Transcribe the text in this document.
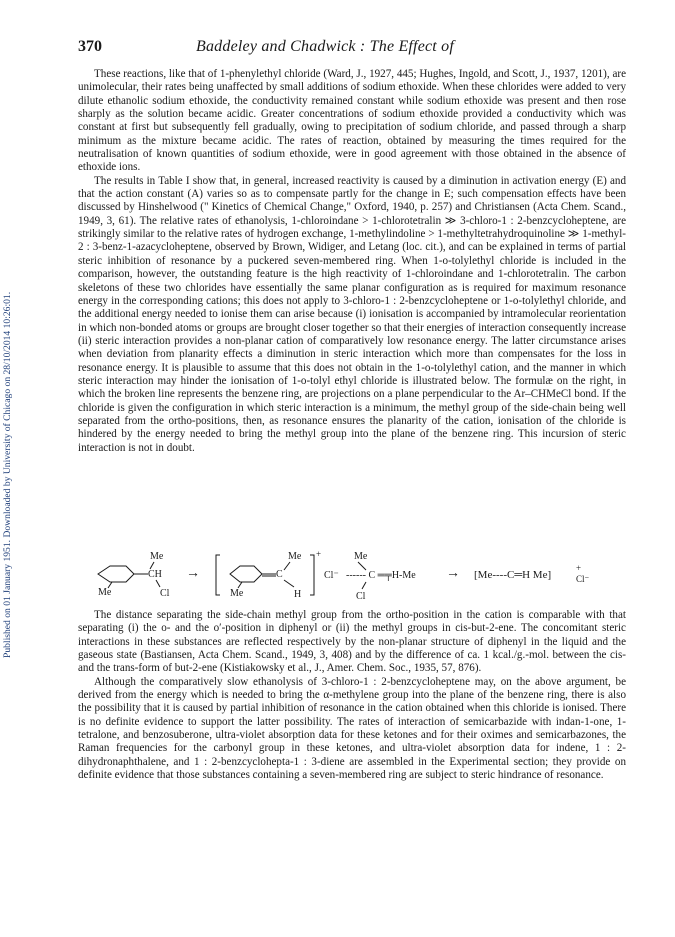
Published on 01 January 1951. Downloaded by University of Chicago on 28/10/2014 10:26:01.
370	Baddeley and Chadwick : The Effect of

These reactions, like that of 1-phenylethyl chloride (Ward, J., 1927, 445; Hughes, Ingold, and Scott, J., 1937, 1201), are unimolecular, their rates being unaffected by small additions of sodium ethoxide. When these chlorides were added to very dilute ethanolic sodium ethoxide, the conductivity remained constant while sodium ethoxide was present and then rose sharply as the solution became acidic. Greater concentrations of sodium ethoxide provided a conductivity which was constant at first but subsequently fell gradually, owing to precipitation of sodium chloride, and passed through a sharp minimum as the mixture became acidic. The rates of reaction, obtained by measuring the times required for the neutralisation of known quantities of sodium ethoxide, were in good agreement with those obtained in the absence of ethoxide ions.

The results in Table I show that, in general, increased reactivity is caused by a diminution in activation energy (E) and that the action constant (A) varies so as to compensate partly for the change in E; such compensation effects have been discussed by Hinshelwood (" Kinetics of Chemical Change," Oxford, 1940, p. 257) and Christiansen (Acta Chem. Scand., 1949, 3, 61). The relative rates of ethanolysis, 1-chloroindane > 1-chlorotetralin ≫ 3-chloro-1 : 2-benzcycloheptene, are strikingly similar to the relative rates of hydrogen exchange, 1-methylindoline > 1-methyltetrahydroquinoline ≫ 1-methyl-2 : 3-benz-1-azacycloheptene, observed by Brown, Widiger, and Letang (loc. cit.), and can be explained in terms of partial steric inhibition of resonance by a puckered seven-membered ring. When 1-o-tolylethyl chloride is included in the comparison, however, the outstanding feature is the high reactivity of 1-chloroindane and 1-chlorotetralin. The carbon skeletons of these two chlorides have essentially the same planar configuration as is required for maximum resonance energy in the corresponding cations; this does not apply to 3-chloro-1 : 2-benzcycloheptene or 1-o-tolylethyl chloride, and the additional energy needed to ionise them can arise because (i) ionisation is accompanied by intramolecular reorientation in which non-bonded atoms or groups are brought closer together so that their energies of interaction consequently increase (ii) steric interaction provides a non-planar cation of comparatively low resonance energy. The latter circumstance arises when deviation from planarity effects a diminution in steric interaction which more than compensates for the loss in resonance energy. It is plausible to assume that this does not obtain in the 1-o-tolylethyl cation, and the manner in which steric interaction may hinder the ionisation of 1-o-tolyl ethyl chloride is illustrated below. The formulæ on the right, in which the broken line represents the benzene ring, are projections on a plane perpendicular to the Ar–CHMeCl bond. If the chloride is given the configuration in which steric interaction is a minimum, the methyl group of the side-chain being well separated from the ortho-positions, then, as resonance ensures the planarity of the cation, ionisation of the chloride is hindered by the energy needed to bring the methyl group into the plane of the benzene ring. This incursion of steric interaction is not in doubt.

Me
CH
Cl
Me
→	C
Me
H
Me
+
Cl⁻
Me
------ C ═╤H-Me
Cl
→ [Me----C═H Me]
+
Cl⁻

The distance separating the side-chain methyl group from the ortho-position in the cation is comparable with that separating (i) the o- and the o′-position in diphenyl or (ii) the methyl groups in cis-but-2-ene. The concomitant steric interactions in these substances are reflected respectively by the non-planar structure of diphenyl in the liquid and the gaseous state (Bastiansen, Acta Chem. Scand., 1949, 3, 408) and by the difference of ca. 1 kcal./g.-mol. between the cis- and the trans-form of but-2-ene (Kistiakowsky et al., J., Amer. Chem. Soc., 1935, 57, 876).

Although the comparatively slow ethanolysis of 3-chloro-1 : 2-benzcycloheptene may, on the above argument, be derived from the energy which is needed to bring the α-methylene group into the plane of the benzene ring, there is also the possibility that it is caused by partial inhibition of resonance in the cation obtained when this chloride is ionised. There is no definite evidence to support the latter possibility. The rates of interaction of semicarbazide with indan-1-one, 1-tetralone, and benzosuberone, ultra-violet absorption data for these ketones and for their oximes and semicarbazones, the Raman frequencies for the carbonyl group in these ketones, and ultra-violet absorption data for indene, 1 : 2-dihydronaphthalene, and 1 : 2-benzcyclohepta-1 : 3-diene are assembled in the Experimental section; they provide on definite evidence that those substances containing a seven-membered ring are subject to steric hindrance of resonance.
